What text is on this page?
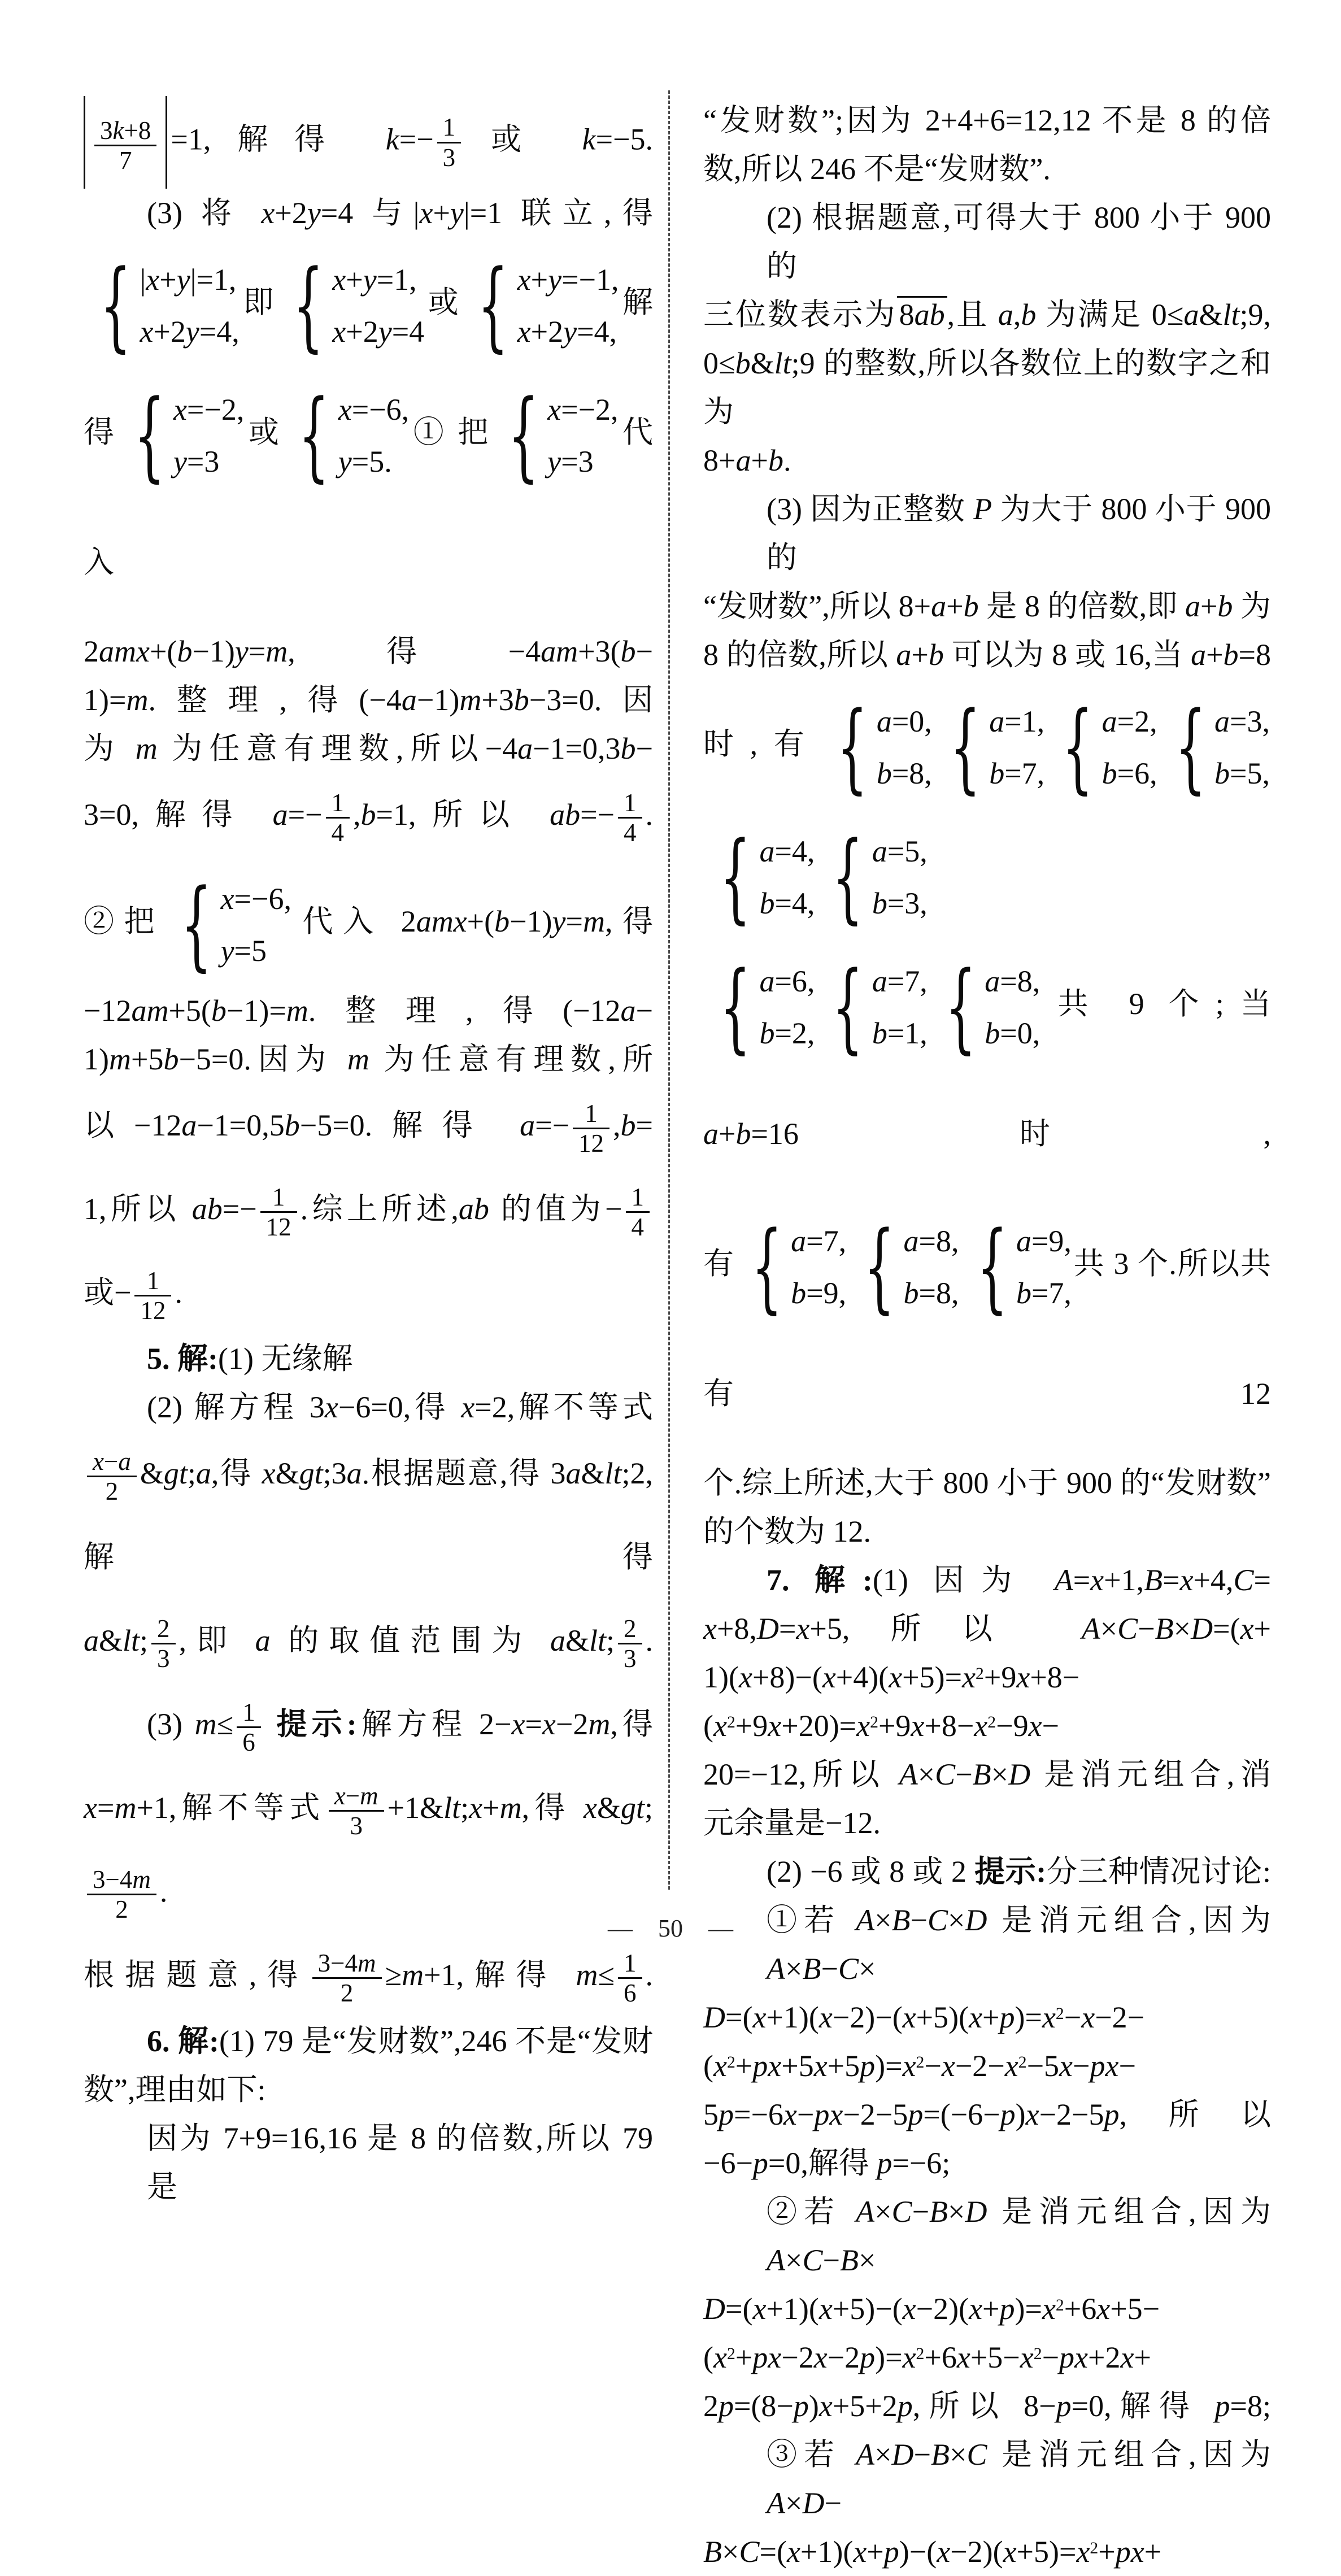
$\frac{3k+8}{7} =1$,解得 $k=- \frac{1}{3}$ 或 k=−5.
(3) 将 x+2y=4 与|x+y|=1 联立,得
{ |x+y|=1,
x+2y=4,
即 { x+y=1,
x+2y=4
或 { x+y=−1,
x+2y=4,
解
得 { x=−2,
y=3
或 { x=−6,
y=5.
① 把 { x=−2,
y=3
代入
2amx+(b−1)y=m,得−4am+3(b−
1)=m.整理,得(−4a−1)m+3b−3=0.因
为 m 为任意有理数,所以−4a−1=0,3b−
3=0,解得 $a=- \frac{1}{4} ,b=1$,所以 $ab=- \frac{1}{4}$ .
②把 { x=−6,
y=5
代入 2amx+(b−1)y=m,得
−12am+5(b−1)=m.整理,得(−12a−
1)m+5b−5=0.因为 m 为任意有理数,所
以−12a−1=0,5b−5=0.解得 $a=- \frac{1}{12} ,b=$
1,所以 $ab=- \frac{1}{12}$ .综上所述,ab 的值为− $\frac{1}{4}$
或− $\frac{1}{12}$ .
5. 解:(1) 无缘解
(2) 解方程 3x−6=0,得 x=2,解不等式
$\frac{x-a}{2}$ &gt;a,得 x&gt;3a.根据题意,得 3a&lt;2,解得
a&lt; $\frac{2}{3}$ ,即 a 的取值范围为 a&lt; $\frac{2}{3}$ .
(3) $m\le \frac{1}{6}$ 提示:解方程 2−x=x−2m,得
x=m+1,解不等式 $\frac{x-m}{3}$ +1&lt;x+m,得 x&gt;
$\frac{3-4m}{2}$ .
根据题意,得 $\frac{3-4m}{2} \ge m+1$,解得 $m\le \frac{1}{6}$ .
6. 解:(1) 79 是“发财数”,246 不是“发财
数”,理由如下:
因为 7+9=16,16 是 8 的倍数,所以 79 是
“发财数”;因为 2+4+6=12,12 不是 8 的倍
数,所以 246 不是“发财数”.
(2) 根据题意,可得大于 800 小于 900 的
三位数表示为8ab,且 a,b 为满足 0≤a&lt;9,
0≤b&lt;9 的整数,所以各数位上的数字之和为
8+a+b.
(3) 因为正整数 P 为大于 800 小于 900 的
“发财数”,所以 8+a+b 是 8 的倍数,即 a+b 为
8 的倍数,所以 a+b 可以为 8 或 16,当 a+b=8
时,有 { a=0,
b=8, { a=1,
b=7, { a=2,
b=6, { a=3,
b=5,
{ a=4,
b=4, { a=5,
b=3,
{ a=6,
b=2, { a=7,
b=1, { a=8,
b=0,
共 9 个;当 a+b=16 时,
有 { a=7,
b=9, { a=8,
b=8, { a=9,
b=7,
共 3 个.所以共有 12
个.综上所述,大于 800 小于 900 的“发财数”
的个数为 12.
7. 解:(1) 因为 A=x+1,B=x+4,C=
x+8,D=x+5,所以 A×C−B×D=(x+
$1)(x+8)-(x+4)(x+5)=x^2+9x+8-$
$(x^2+9x+20)=x^2+9x+8-x^2-9x-$
20=−12,所以 A×C−B×D 是消元组合,消
元余量是−12.
(2) −6 或 8 或 2 提示:分三种情况讨论:
①若 A×B−C×D 是消元组合,因为 A×B−C×
$D=(x+1)(x-2)-(x+5)(x+p)=x^2-x-2-$
$(x^2+px+5x+5p)=x^2-x-2-x^2-5x-px-$
5p=−6x−px−2−5p=(−6−p)x−2−5p,所以
−6−p=0,解得 p=−6;
②若 A×C−B×D 是消元组合,因为 A×C−B×
$D=(x+1)(x+5)-(x-2)(x+p)=x^2+6x+5-$
$(x^2+px-2x-2p)=x^2+6x+5-x^2-px+2x+$
2p=(8−p)x+5+2p,所以 8−p=0,解得 p=8;
③若 A×D−B×C 是消元组合,因为 A×D−
$B\times C=(x+1)(x+p)-(x-2)(x+5)=x^2+px+$
— 50 —
